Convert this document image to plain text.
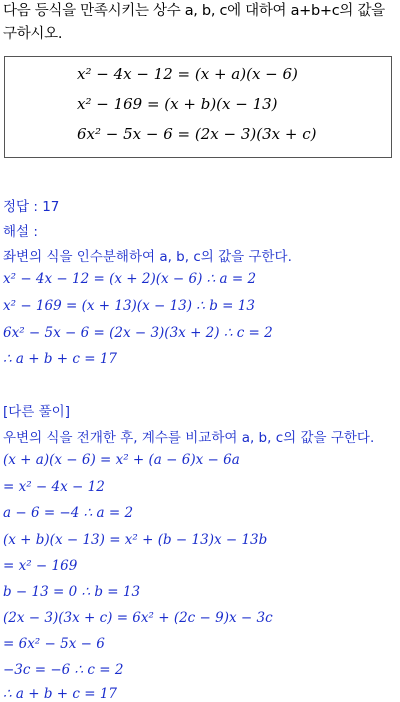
다음 등식을 만족시키는 상수 a, b, c에 대하여 a+b+c의 값을
구하시오.
x² − 4x − 12 = (x + a)(x − 6)
x² − 169 = (x + b)(x − 13)
6x² − 5x − 6 = (2x − 3)(3x + c)
정답 : 17
해설 :
좌변의 식을 인수분해하여 a, b, c의 값을 구한다.
x² − 4x − 12 = (x + 2)(x − 6) ∴ a = 2
x² − 169 = (x + 13)(x − 13) ∴ b = 13
6x² − 5x − 6 = (2x − 3)(3x + 2) ∴ c = 2
∴ a + b + c = 17
[다른 풀이]
우변의 식을 전개한 후, 계수를 비교하여 a, b, c의 값을 구한다.
(x + a)(x − 6) = x² + (a − 6)x − 6a
= x² − 4x − 12
a − 6 = −4 ∴ a = 2
(x + b)(x − 13) = x² + (b − 13)x − 13b
= x² − 169
b − 13 = 0 ∴ b = 13
(2x − 3)(3x + c) = 6x² + (2c − 9)x − 3c
= 6x² − 5x − 6
−3c = −6 ∴ c = 2
∴ a + b + c = 17
